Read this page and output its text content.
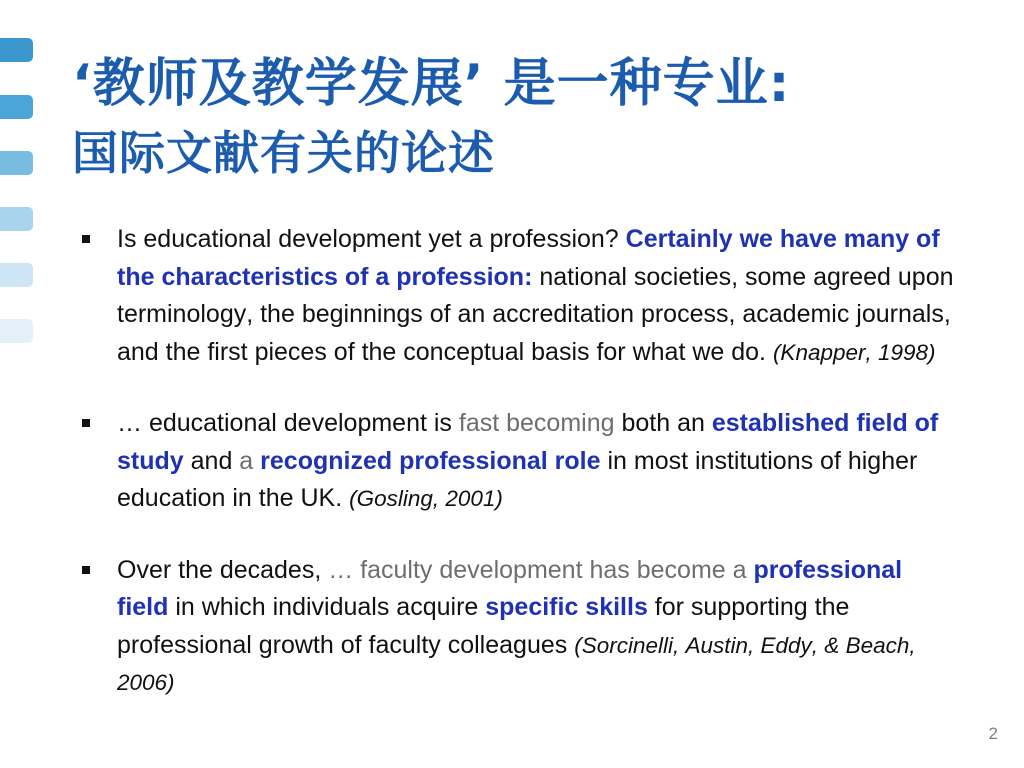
‘教师及教学发展’ 是一种专业:
国际文献有关的论述
Is educational development yet a profession? Certainly we have many of the characteristics of a profession: national societies, some agreed upon terminology, the beginnings of an accreditation process, academic journals, and the first pieces of the conceptual basis for what we do. (Knapper, 1998)
… educational development is fast becoming both an established field of study and a recognized professional role in most institutions of higher education in the UK. (Gosling, 2001)
Over the decades, … faculty development has become a professional field in which individuals acquire specific skills for supporting the professional growth of faculty colleagues (Sorcinelli, Austin, Eddy, & Beach, 2006)
2
